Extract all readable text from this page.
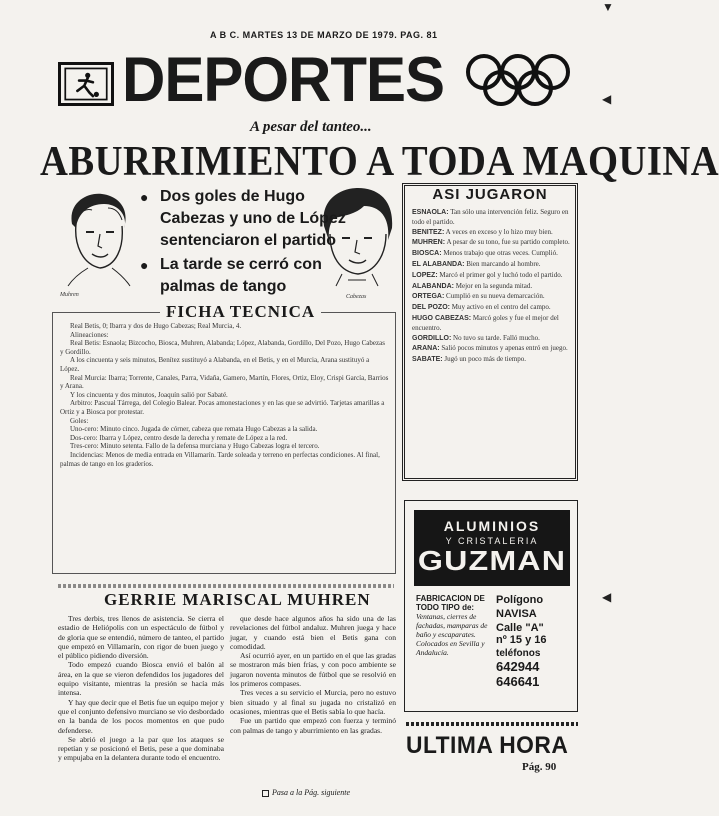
A B C. MARTES 13 DE MARZO DE 1979. PAG. 81
DEPORTES
A pesar del tanteo...
ABURRIMIENTO A TODA MAQUINA
Muhren	Cabezas
● Dos goles de Hugo Cabezas y uno de López sentenciaron el partido
● La tarde se cerró con palmas de tango
FICHA TECNICA

Real Betis, 0; Ibarra y dos de Hugo Cabezas; Real Murcia, 4.

Alineaciones:

Real Betis: Esnaola; Bizcocho, Biosca, Muhren, Alabanda; López, Alabanda, Gordillo, Del Pozo, Hugo Cabezas y Gordillo.

A los cincuenta y seis minutos, Benítez sustituyó a Alabanda, en el Betis, y en el Murcia, Arana sustituyó a López.

Real Murcia: Ibarra; Torrente, Canales, Parra, Vidaña, Gamero, Martín, Flores, Ortiz, Eloy, Crispi García, Barrios y Arana.

Y los cincuenta y dos minutos, Joaquín salió por Sabaté.

Arbitro: Pascual Tárrega, del Colegio Balear. Pocas amonestaciones y en las que se advirtió. Tarjetas amarillas a Ortiz y a Biosca por protestar.

Goles:

Uno-cero: Minuto cinco. Jugada de córner, cabeza que remata Hugo Cabezas a la salida.

Dos-cero: Ibarra y López, centro desde la derecha y remate de López a la red.

Tres-cero: Minuto setenta. Fallo de la defensa murciana y Hugo Cabezas logra el tercero.

Incidencias: Menos de media entrada en Villamarín. Tarde soleada y terreno en perfectas condiciones. Al final, palmas de tango en los graderíos.

ASI JUGARON

ESNAOLA: Tan sólo una intervención feliz. Seguro en todo el partido.

BENITEZ: A veces en exceso y lo hizo muy bien.

MUHREN: A pesar de su tono, fue su partido completo.

BIOSCA: Menos trabajo que otras veces. Cumplió.

EL ALABANDA: Bien marcando al hombre.

LOPEZ: Marcó el primer gol y luchó todo el partido.

ALABANDA: Mejor en la segunda mitad.

ORTEGA: Cumplió en su nueva demarcación.

DEL POZO: Muy activo en el centro del campo.

HUGO CABEZAS: Marcó goles y fue el mejor del encuentro.

GORDILLO: No tuvo su tarde. Falló mucho.

ARANA: Salió pocos minutos y apenas entró en juego.

SABATE: Jugó un poco más de tiempo.

ALUMINIOS
Y CRISTALERIA
GUZMAN
FABRICACION DE TODO TIPO de:
Ventanas, cierres de fachadas, mamparas de baño y escaparates. Colocados en Sevilla y Andalucía.
Polígono
NAVISA
Calle "A"
nº 15 y 16
teléfonos
642944
646641
ULTIMA HORA
Pág. 90
GERRIE MARISCAL MUHREN

Tres derbis, tres llenos de asistencia. Se cierra el estadio de Heliópolis con un espectáculo de fútbol y de gloria que se entendió, número de tanteo, el partido que empezó en Villamarín, con rigor de buen juego y el público pidiendo diversión.

Todo empezó cuando Biosca envió el balón al área, en la que se vieron defendidos los jugadores del equipo visitante, mientras la presión se hacía más intensa.

Y hay que decir que el Betis fue un equipo mejor y que el conjunto defensivo murciano se vio desbordado en la banda de los pocos momentos en que pudo defenderse.

Se abrió el juego a la par que los ataques se repetían y se posicionó el Betis, pese a que dominaba y empujaba en la delantera durante todo el encuentro.

que desde hace algunos años ha sido una de las revelaciones del fútbol andaluz. Muhren juega y hace jugar, y cuando está bien el Betis gana con comodidad.

Así ocurrió ayer, en un partido en el que las gradas se mostraron más bien frías, y con poco ambiente se jugaron noventa minutos de fútbol que se resolvió en los primeros compases.

Tres veces a su servicio el Murcia, pero no estuvo bien situado y al final su jugada no cristalizó en ocasiones, mientras que el Betis sabía lo que hacía.

Fue un partido que empezó con fuerza y terminó con palmas de tango y aburrimiento en las gradas.

Pasa a la Pág. siguiente
◀
◀
▼
